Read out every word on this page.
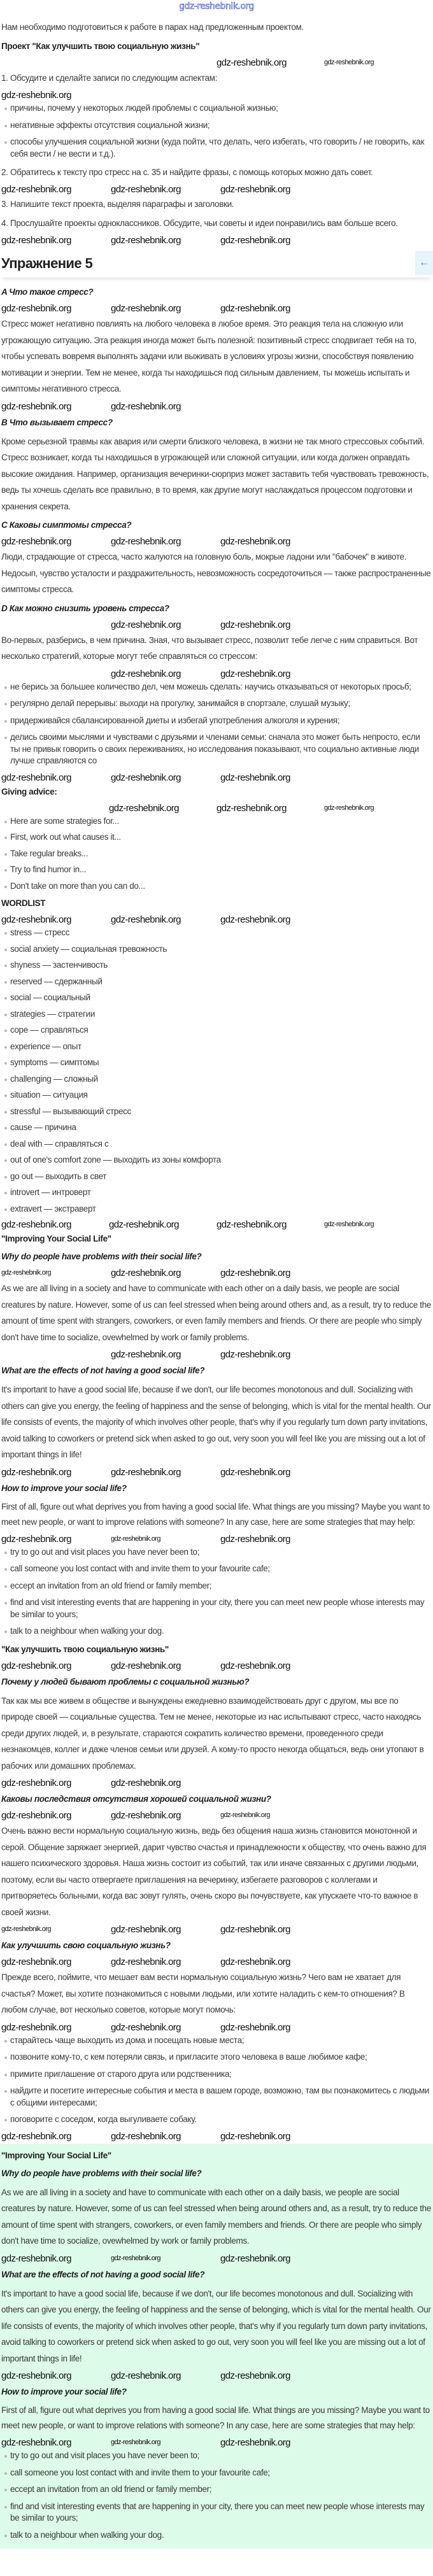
gdz-reshebnik.org

Нам необходимо подготовиться к работе в парах над предложенным проектом.

Проект "Как улучшить твою социальную жизнь"

gdz-reshebnik.org	gdz-reshebnik.org

1. Обсудите и сделайте записи по следующим аспектам:

gdz-reshebnik.org
причины, почему у некоторых людей проблемы с социальной жизнью;
негативные эффекты отсутствия социальной жизни;
способы улучшения социальной жизни (куда пойти, что делать, чего избегать, что говорить / не говорить, как себя вести / не вести и т.д.).

2. Обратитесь к тексту про стресс на с. 35 и найдите фразы, с помощь которых можно дать совет.

gdz-reshebnik.org	gdz-reshebnik.org	gdz-reshebnik.org

3. Напишите текст проекта, выделяя параграфы и заголовки.

4. Прослушайте проекты одноклассников. Обсудите, чьи советы и идеи понравились вам больше всего.

gdz-reshebnik.org	gdz-reshebnik.org	gdz-reshebnik.org
Упражнение 5	←

A Что такое стресс?

gdz-reshebnik.org	gdz-reshebnik.org	gdz-reshebnik.org

Стресс может негативно повлиять на любого человека в любое время. Это реакция тела на сложную или угрожающую ситуацию. Эта реакция иногда может быть полезной: позитивный стресс сподвигает тебя на то, чтобы успевать вовремя выполнять задачи или выживать в условиях угрозы жизни, способствуя появлению мотивации и энергии. Тем не менее, когда ты находишься под сильным давлением, ты можешь испытать и симптомы негативного стресса.

gdz-reshebnik.org	gdz-reshebnik.org

B Что вызывает стресс?

Кроме серьезной травмы как авария или смерти близкого человека, в жизни не так много стрессовых событий. Стресс возникает, когда ты находишься в угрожающей или сложной ситуации, или когда должен оправдать высокие ожидания. Например, организация вечеринки-сюрприз может заставить тебя чувствовать тревожность, ведь ты хочешь сделать все правильно, в то время, как другие могут наслаждаться процессом подготовки и хранения секрета.

C Каковы симптомы стресса?

gdz-reshebnik.org	gdz-reshebnik.org	gdz-reshebnik.org

Люди, страдающие от стресса, часто жалуются на головную боль, мокрые ладони или "бабочек" в животе. Недосып, чувство усталости и раздражительность, невозможность сосредоточиться — также распространенные симптомы стресса.

D Как можно снизить уровень стресса?

gdz-reshebnik.org	gdz-reshebnik.org

Во-первых, разберись, в чем причина. Зная, что вызывает стресс, позволит тебе легче с ним справиться. Вот несколько стратегий, которые могут тебе справляться со стрессом:

gdz-reshebnik.org	gdz-reshebnik.org
не берись за большее количество дел, чем можешь сделать: научись отказываться от некоторых просьб;
регулярно делай перерывы: выходи на прогулку, занимайся в спортзале, слушай музыку;
придерживайся сбалансированной диеты и избегай употребления алкоголя и курения;
делись своими мыслями и чувствами с друзьями и членами семьи: сначала это может быть непросто, если ты не привык говорить о своих переживаниях, но исследования показывают, что социально активные люди лучше справляются со
gdz-reshebnik.org	gdz-reshebnik.org	gdz-reshebnik.org

Giving advice:

gdz-reshebnik.org	gdz-reshebnik.org	gdz-reshebnik.org
Here are some strategies for...
First, work out what causes it...
Take regular breaks...
Try to find humor in...
Don't take on more than you can do...

WORDLIST

gdz-reshebnik.org	gdz-reshebnik.org	gdz-reshebnik.org
stress — стресс
social anxiety — социальная тревожность
shyness — застенчивость
reserved — сдержанный
social — социальный
strategies — стратегии
cope — справляться
experience — опыт
symptoms — симптомы
challenging — сложный
situation — ситуация
stressful — вызывающий стресс
cause — причина
deal with — справляться с
out of one's comfort zone — выходить из зоны комфорта
go out — выходить в свет
introvert — интроверт
extravert — экстраверт
gdz-reshebnik.org	gdz-reshebnik.org	gdz-reshebnik.org	gdz-reshebnik.org

"Improving Your Social Life"

Why do people have problems with their social life?

gdz-reshebnik.org	gdz-reshebnik.org	gdz-reshebnik.org

As we are all living in a society and have to communicate with each other on a daily basis, we people are social creatures by nature. However, some of us can feel stressed when being around others and, as a result, try to reduce the amount of time spent with strangers, coworkers, or even family members and friends. Or there are people who simply don't have time to socialize, ovewhelmed by work or family problems.

gdz-reshebnik.org	gdz-reshebnik.org

What are the effects of not having a good social life?

It's important to have a good social life, because if we don't, our life becomes monotonous and dull. Socializing with others can give you energy, the feeling of happiness and the sense of belonging, which is vital for the mental health. Our life consists of events, the majority of which involves other people, that's why if you regularly turn down party invitations, avoid talking to coworkers or pretend sick when asked to go out, very soon you will feel like you are missing out a lot of important things in life!

gdz-reshebnik.org	gdz-reshebnik.org	gdz-reshebnik.org

How to improve your social life?

First of all, figure out what deprives you from having a good social life. What things are you missing? Maybe you want to meet new people, or want to improve relations with someone? In any case, here are some strategies that may help:

gdz-reshebnik.org	gdz-reshebnik.org	gdz-reshebnik.org
try to go out and visit places you have never been to;
call someone you lost contact with and invite them to your favourite cafe;
eccept an invitation from an old friend or family member;
find and visit interesting events that are happening in your city, there you can meet new people whose interests may be similar to yours;
talk to a neighbour when walking your dog.

"Как улучшить твою социальную жизнь"

gdz-reshebnik.org	gdz-reshebnik.org	gdz-reshebnik.org

Почему у людей бывают проблемы с социальной жизнью?

Так как мы все живем в обществе и вынуждены ежедневно взаимодействовать друг с другом, мы все по природе своей — социальные существа. Тем не менее, некоторые из нас испытывают стресс, часто находясь среди других людей, и, в результате, стараются сократить количество времени, проведенного среди незнакомцев, коллег и даже членов семьи или друзей. А кому-то просто некогда общаться, ведь они утопают в рабочих или домашних проблемах.

gdz-reshebnik.org	gdz-reshebnik.org

Каковы последствия отсутствия хорошей социальной жизни?

gdz-reshebnik.org	gdz-reshebnik.org	gdz-reshebnik.org

Очень важно вести нормальную социальную жизнь, ведь без общения наша жизнь становится монотонной и серой. Общение заряжает энергией, дарит чувство счастья и принадлежности к обществу, что очень важно для нашего психического здоровья. Наша жизнь состоит из событий, так или иначе связанных с другими людьми, поэтому, если вы часто отвергаете приглашения на вечеринку, избегаете разговоров с коллегами и притворяетесь больными, когда вас зовут гулять, очень скоро вы почувствуете, как упускаете что-то важное в своей жизни.

gdz-reshebnik.org	gdz-reshebnik.org	gdz-reshebnik.org

Как улучшить свою социальную жизнь?

gdz-reshebnik.org	gdz-reshebnik.org	gdz-reshebnik.org

Прежде всего, поймите, что мешает вам вести нормальную социальную жизнь? Чего вам не хватает для счастья? Может, вы хотите познакомиться с новыми людьми, или хотите наладить с кем-то отношения? В любом случае, вот несколько советов, которые могут помочь:

gdz-reshebnik.org	gdz-reshebnik.org	gdz-reshebnik.org
старайтесь чаще выходить из дома и посещать новые места;
позвоните кому-то, с кем потеряли связь, и пригласите этого человека в ваше любимое кафе;
примите приглашение от старого друга или родственника;
найдите и посетите интересные события и места в вашем городе, возможно, там вы познакомитесь с людьми с общими интересами;
поговорите с соседом, когда выгуливаете собаку.
gdz-reshebnik.org	gdz-reshebnik.org	gdz-reshebnik.org

"Improving Your Social Life"

Why do people have problems with their social life?

As we are all living in a society and have to communicate with each other on a daily basis, we people are social creatures by nature. However, some of us can feel stressed when being around others and, as a result, try to reduce the amount of time spent with strangers, coworkers, or even family members and friends. Or there are people who simply don't have time to socialize, ovewhelmed by work or family problems.

gdz-reshebnik.org	gdz-reshebnik.org	gdz-reshebnik.org

What are the effects of not having a good social life?

It's important to have a good social life, because if we don't, our life becomes monotonous and dull. Socializing with others can give you energy, the feeling of happiness and the sense of belonging, which is vital for the mental health. Our life consists of events, the majority of which involves other people, that's why if you regularly turn down party invitations, avoid talking to coworkers or pretend sick when asked to go out, very soon you will feel like you are missing out a lot of important things in life!

gdz-reshebnik.org	gdz-reshebnik.org	gdz-reshebnik.org

How to improve your social life?

First of all, figure out what deprives you from having a good social life. What things are you missing? Maybe you want to meet new people, or want to improve relations with someone? In any case, here are some strategies that may help:

gdz-reshebnik.org	gdz-reshebnik.org	gdz-reshebnik.org
try to go out and visit places you have never been to;
call someone you lost contact with and invite them to your favourite cafe;
eccept an invitation from an old friend or family member;
find and visit interesting events that are happening in your city, there you can meet new people whose interests may be similar to yours;
talk to a neighbour when walking your dog.
